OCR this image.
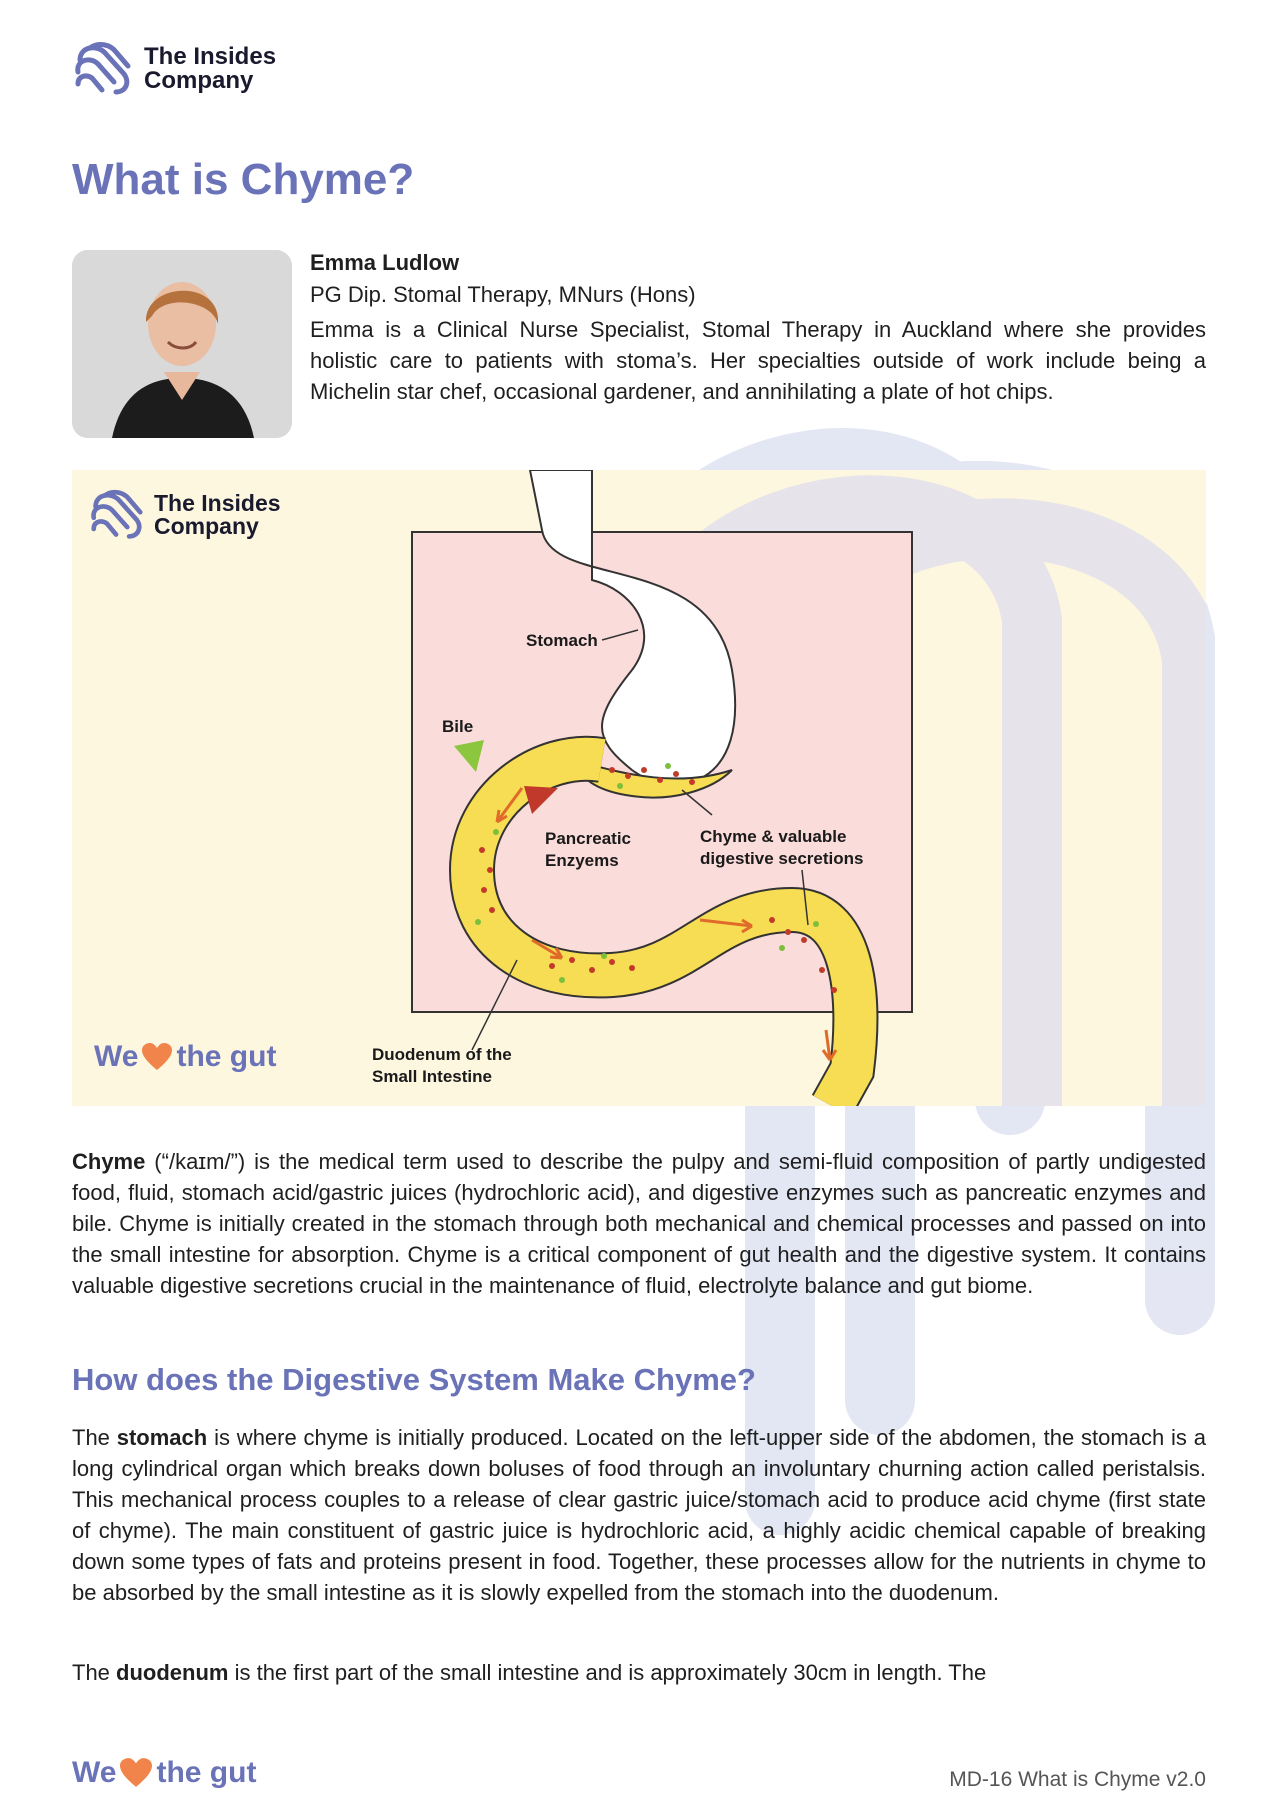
The Insides
Company
What is Chyme?

Emma Ludlow

PG Dip. Stomal Therapy, MNurs (Hons)

Emma is a Clinical Nurse Specialist, Stomal Therapy in Auckland where she provides holistic care to patients with stoma’s. Her specialties outside of work include being a Michelin star chef, occasional gardener, and annihilating a plate of hot chips.

Stomach
Bile
Pancreatic
Enzyems
Chyme & valuable
digestive secretions
Duodenum of the
Small Intestine
The Insides
Company
We the gut

Chyme (“/kaɪm/”) is the medical term used to describe the pulpy and semi-fluid composition of partly undigested food, fluid, stomach acid/gastric juices (hydrochloric acid), and digestive enzymes such as pancreatic enzymes and bile. Chyme is initially created in the stomach through both mechanical and chemical processes and passed on into the small intestine for absorption. Chyme is a critical component of gut health and the digestive system. It contains valuable digestive secretions crucial in the maintenance of fluid, electrolyte balance and gut biome.

How does the Digestive System Make Chyme?

The stomach is where chyme is initially produced. Located on the left-upper side of the abdomen, the stomach is a long cylindrical organ which breaks down boluses of food through an involuntary churning action called peristalsis. This mechanical process couples to a release of clear gastric juice/stomach acid to produce acid chyme (first state of chyme). The main constituent of gastric juice is hydrochloric acid, a highly acidic chemical capable of breaking down some types of fats and proteins present in food. Together, these processes allow for the nutrients in chyme to be absorbed by the small intestine as it is slowly expelled from the stomach into the duodenum.

The duodenum is the first part of the small intestine and is approximately 30cm in length. The

We the gut	MD-16 What is Chyme v2.0
